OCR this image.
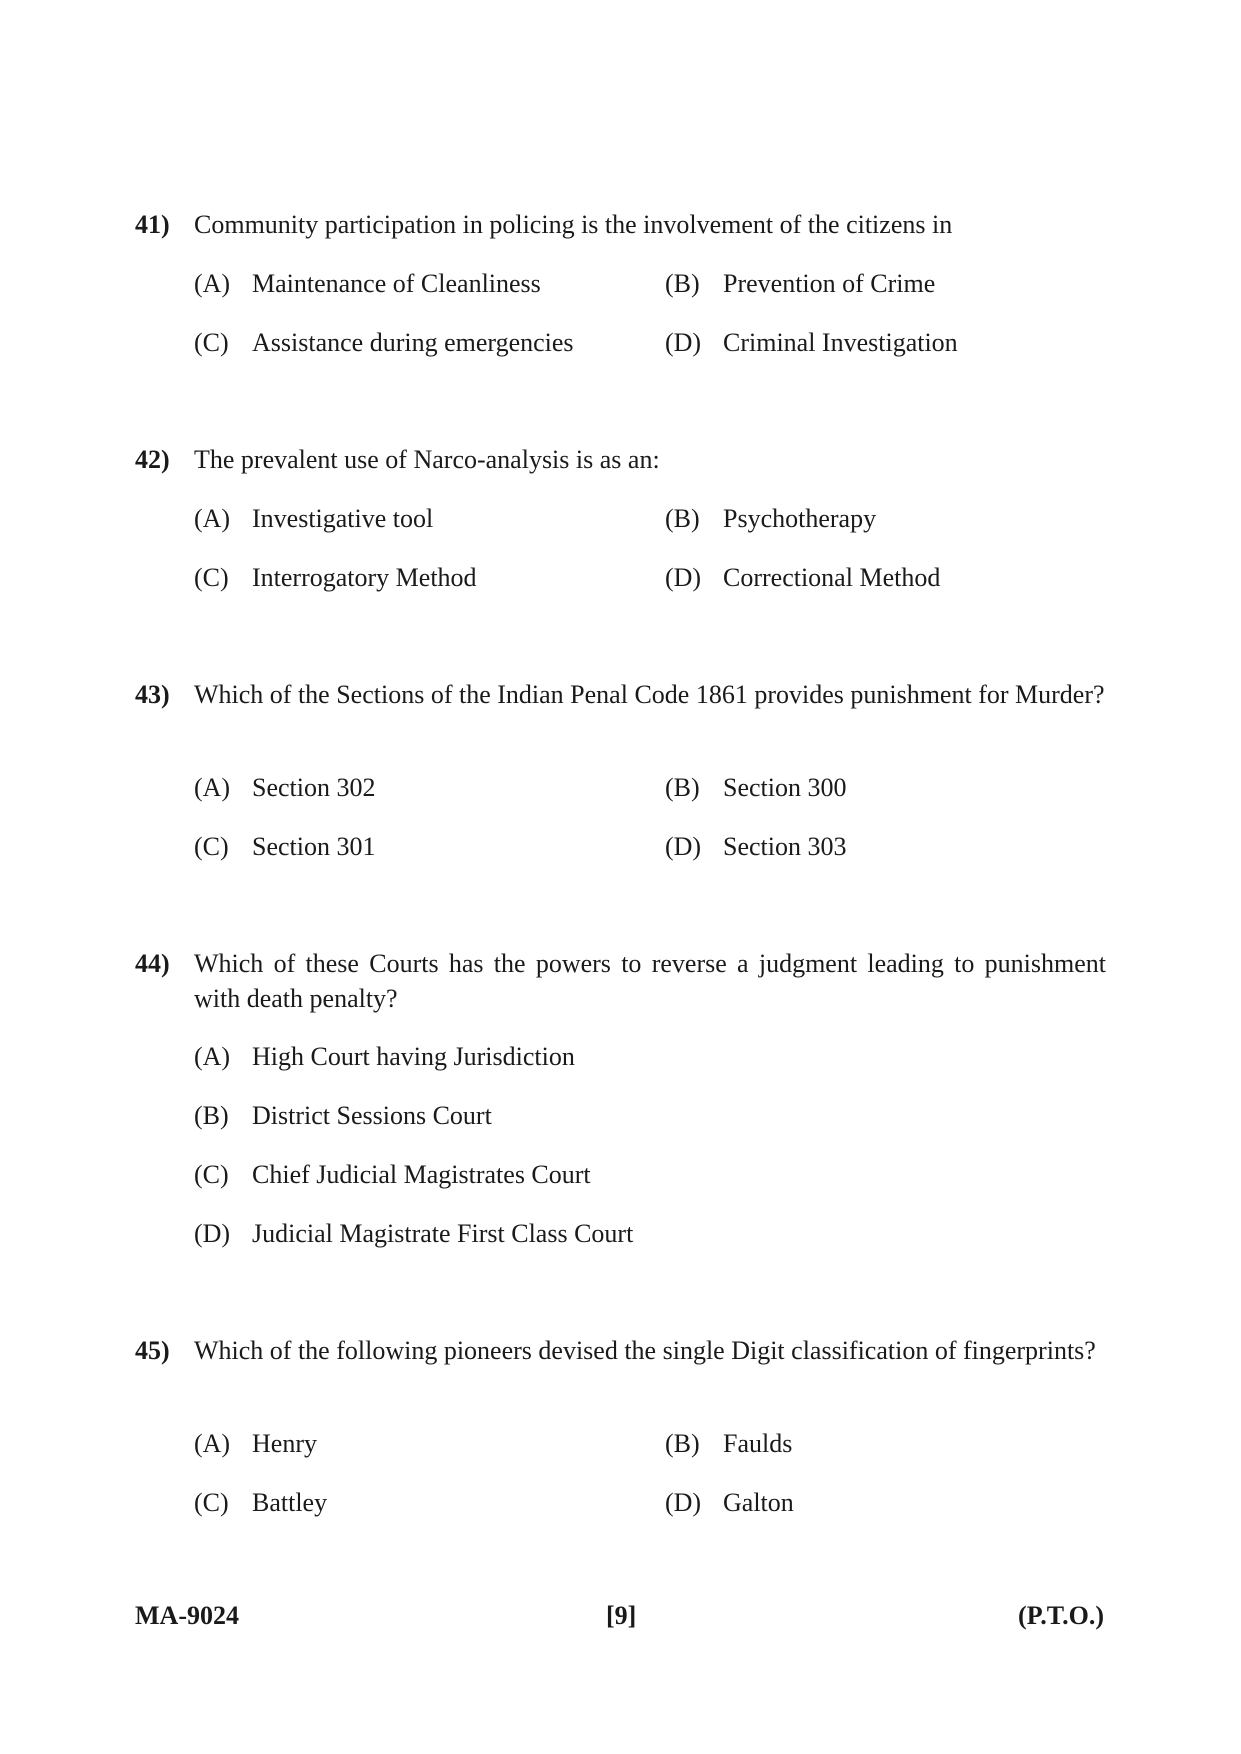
41) Community participation in policing is the involvement of the citizens in
(A) Maintenance of Cleanliness	(B) Prevention of Crime
(C) Assistance during emergencies	(D) Criminal Investigation
42) The prevalent use of Narco-analysis is as an:
(A) Investigative tool	(B) Psychotherapy
(C) Interrogatory Method	(D) Correctional Method
43) Which of the Sections of the Indian Penal Code 1861 provides punishment for Murder?
(A) Section 302	(B) Section 300
(C) Section 301	(D) Section 303
44) Which of these Courts has the powers to reverse a judgment leading to punishment with death penalty?
(A) High Court having Jurisdiction
(B) District Sessions Court
(C) Chief Judicial Magistrates Court
(D) Judicial Magistrate First Class Court
45) Which of the following pioneers devised the single Digit classification of fingerprints?
(A) Henry	(B) Faulds
(C) Battley	(D) Galton
MA-9024	[9]	(P.T.O.)
